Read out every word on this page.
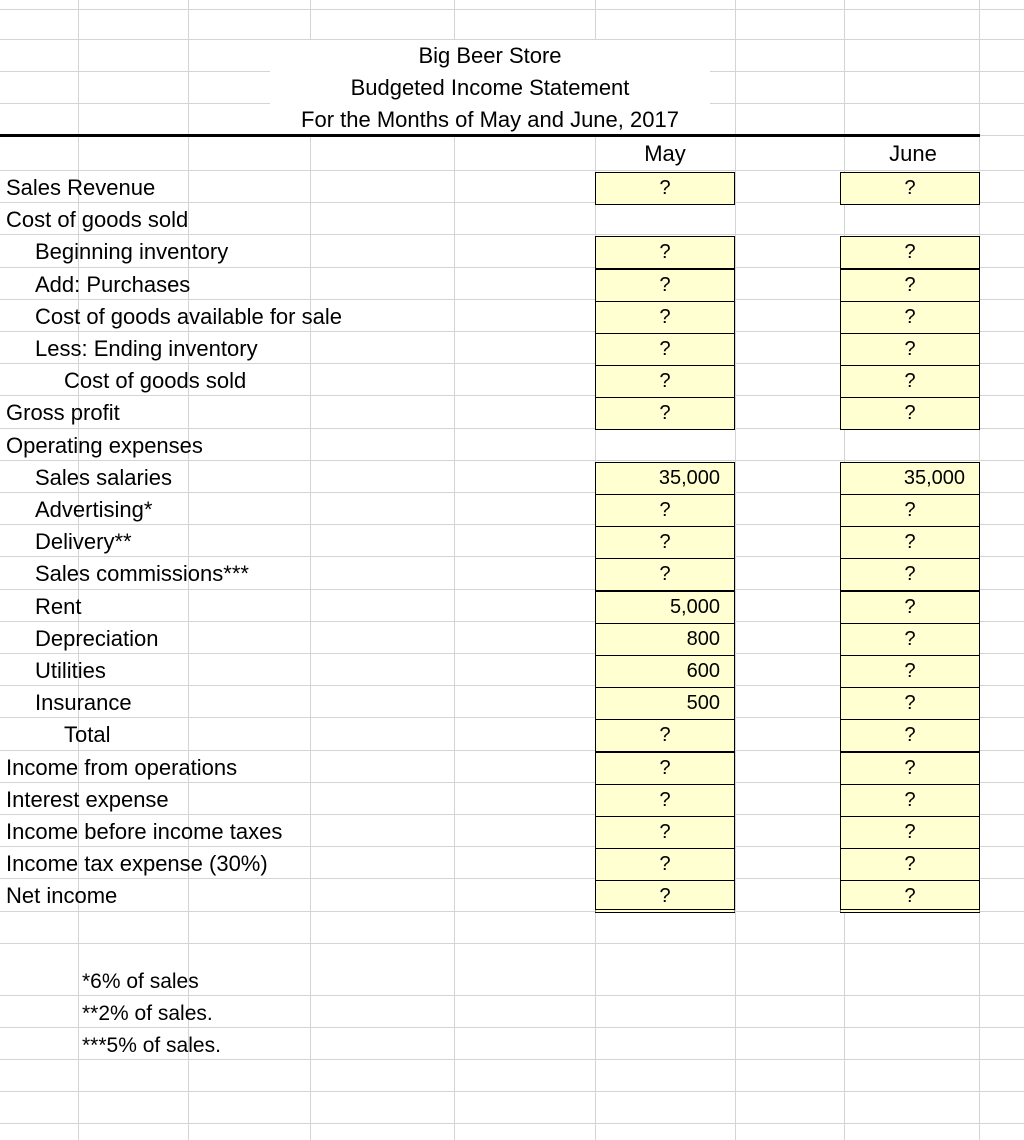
Big Beer Store
Budgeted Income Statement
For the Months of May and June, 2017
May	June
Sales Revenue	?	?
Cost of goods sold
Beginning inventory	?	?
Add: Purchases	?	?
Cost of goods available for sale	?	?
Less: Ending inventory	?	?
Cost of goods sold	?	?
Gross profit	?	?
Operating expenses
Sales salaries	35,000	35,000
Advertising*	?	?
Delivery**	?	?
Sales commissions***	?	?
Rent	5,000	?
Depreciation	800	?
Utilities	600	?
Insurance	500	?
Total	?	?
Income from operations	?	?
Interest expense	?	?
Income before income taxes	?	?
Income tax expense (30%)	?	?
Net income	?	?
*6% of sales
**2% of sales.
***5% of sales.
